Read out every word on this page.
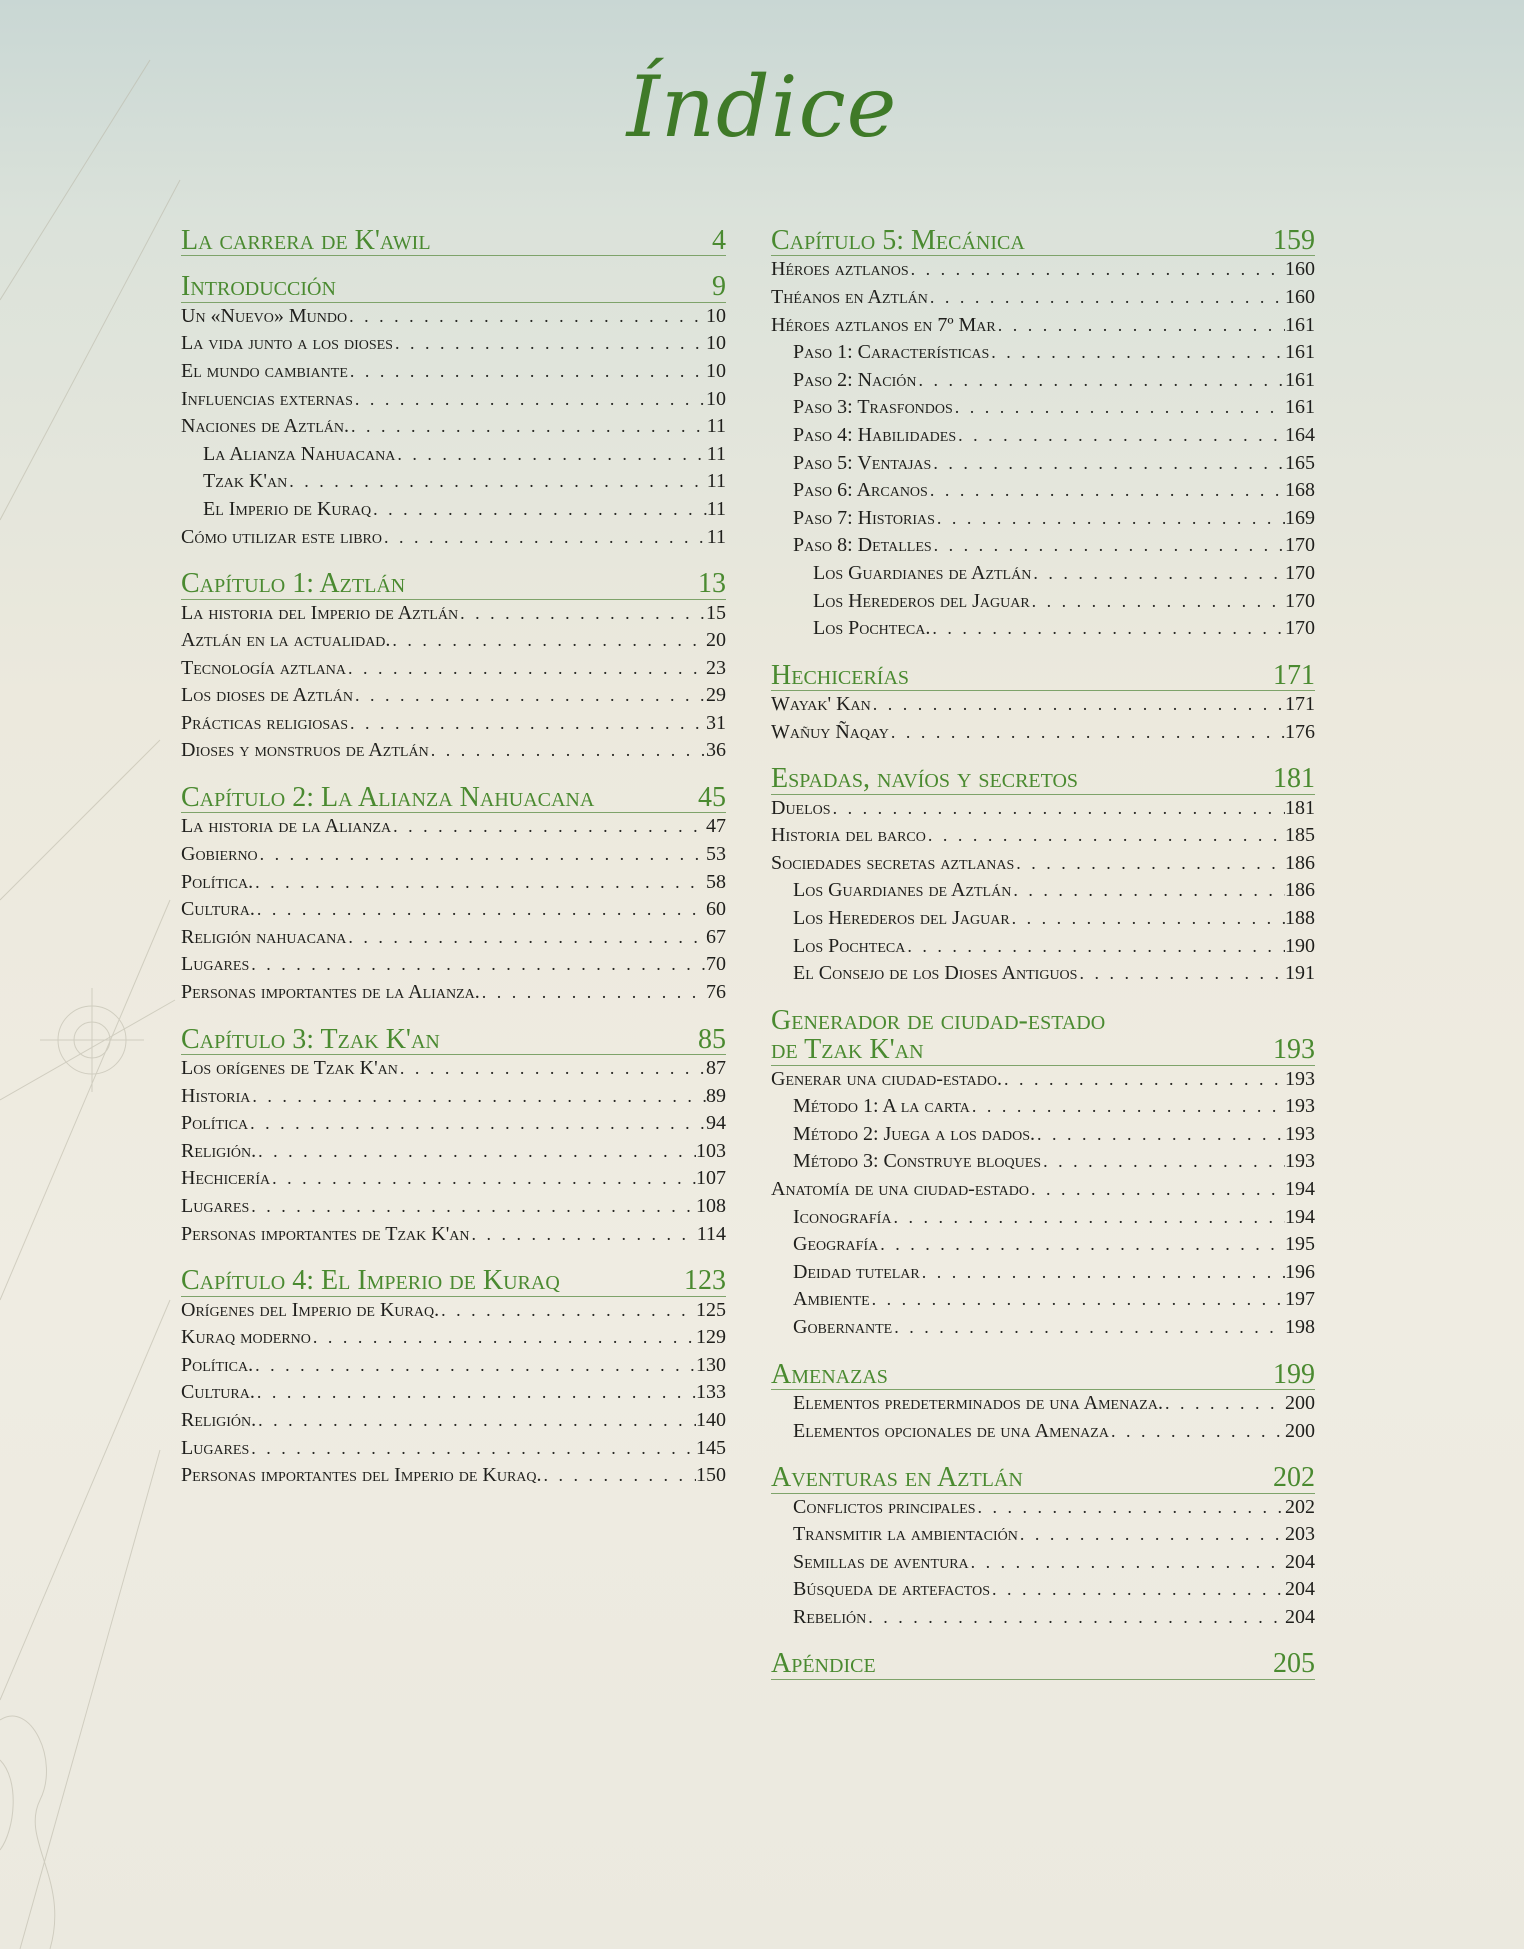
Índice
La carrera de K'awil	4
Introducción	9
Un «Nuevo» Mundo . . .	10
La vida junto a los dioses . . .	10
El mundo cambiante . . .	10
Influencias externas . . .	10
Naciones de Aztlán. . . .	11
La Alianza Nahuacana . . .	11
Tzak K'an . . .	11
El Imperio de Kuraq . . .	11
Cómo utilizar este libro . . .	11
Capítulo 1: Aztlán	13
La historia del Imperio de Aztlán . . .	15
Aztlán en la actualidad. . . .	20
Tecnología aztlana . . .	23
Los dioses de Aztlán . . .	29
Prácticas religiosas . . .	31
Dioses y monstruos de Aztlán . . .	36
Capítulo 2: La Alianza Nahuacana	45
La historia de la Alianza . . .	47
Gobierno . . .	53
Política. . . .	58
Cultura. . . .	60
Religión nahuacana . . .	67
Lugares . . .	70
Personas importantes de la Alianza. . . .	76
Capítulo 3: Tzak K'an	85
Los orígenes de Tzak K'an . . .	87
Historia . . .	89
Política . . .	94
Religión. . . .	103
Hechicería . . .	107
Lugares . . .	108
Personas importantes de Tzak K'an . . .	114
Capítulo 4: El Imperio de Kuraq	123
Orígenes del Imperio de Kuraq. . . .	125
Kuraq moderno . . .	129
Política. . . .	130
Cultura. . . .	133
Religión. . . .	140
Lugares . . .	145
Personas importantes del Imperio de Kuraq. . . .	150
Capítulo 5: Mecánica	159
Héroes aztlanos . . .	160
Théanos en Aztlán . . .	160
Héroes aztlanos en 7º Mar . . .	161
Paso 1: Características . . .	161
Paso 2: Nación . . .	161
Paso 3: Trasfondos . . .	161
Paso 4: Habilidades . . .	164
Paso 5: Ventajas . . .	165
Paso 6: Arcanos . . .	168
Paso 7: Historias . . .	169
Paso 8: Detalles . . .	170
Los Guardianes de Aztlán . . .	170
Los Herederos del Jaguar . . .	170
Los Pochteca. . . .	170
Hechicerías	171
Wayak' Kan . . .	171
Wañuy Ñaqay . . .	176
Espadas, navíos y secretos	181
Duelos . . .	181
Historia del barco . . .	185
Sociedades secretas aztlanas . . .	186
Los Guardianes de Aztlán . . .	186
Los Herederos del Jaguar . . .	188
Los Pochteca . . .	190
El Consejo de los Dioses Antiguos . . .	191
Generador de ciudad-estado
de Tzak K'an	193
Generar una ciudad-estado. . . .	193
Método 1: A la carta . . .	193
Método 2: Juega a los dados. . . .	193
Método 3: Construye bloques . . .	193
Anatomía de una ciudad-estado . . .	194
Iconografía . . .	194
Geografía . . .	195
Deidad tutelar . . .	196
Ambiente . . .	197
Gobernante . . .	198
Amenazas	199
Elementos predeterminados de una Amenaza. . . .	200
Elementos opcionales de una Amenaza . . .	200
Aventuras en Aztlán	202
Conflictos principales . . .	202
Transmitir la ambientación . . .	203
Semillas de aventura . . .	204
Búsqueda de artefactos . . .	204
Rebelión . . .	204
Apéndice	205
